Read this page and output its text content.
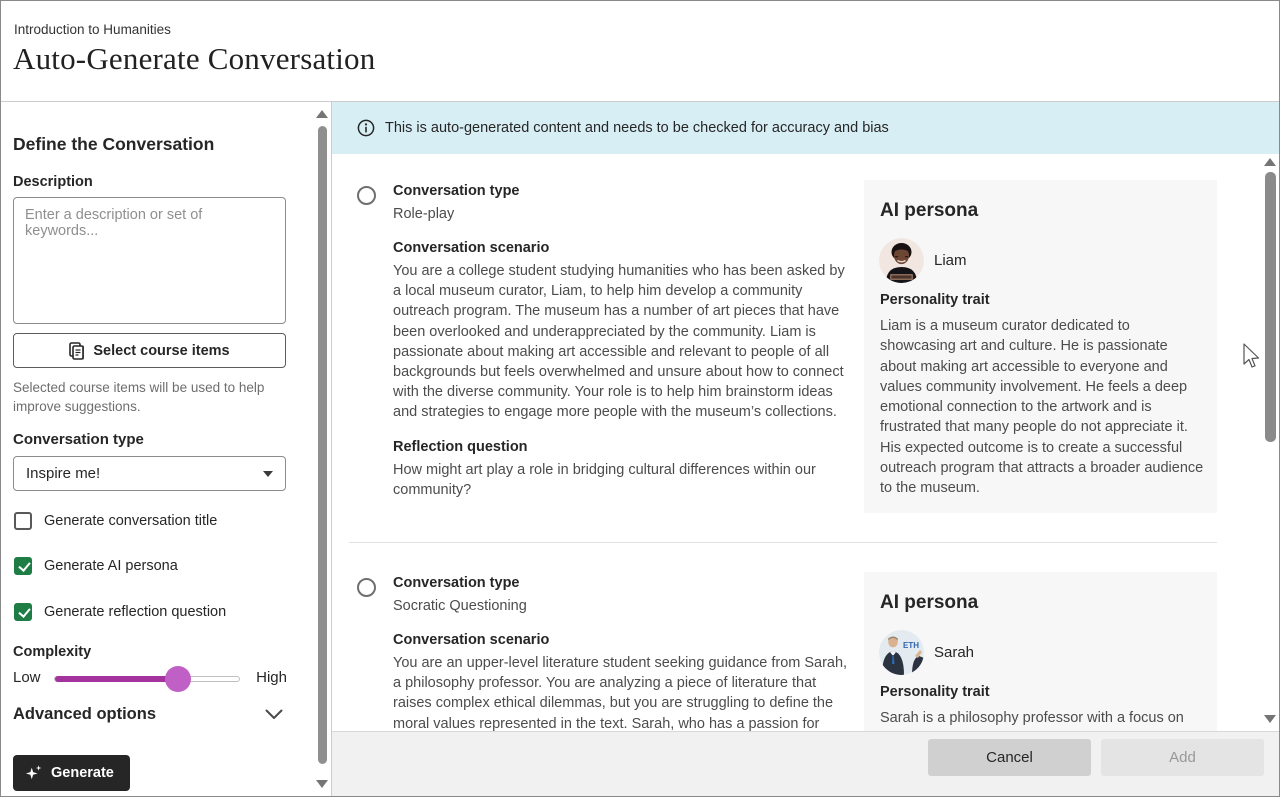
Introduction to Humanities
Auto-Generate Conversation
Define the Conversation
Description
Enter a description or set of keywords...
Select course items
Selected course items will be used to help improve suggestions.
Conversation type
Inspire me!
Generate conversation title
Generate AI persona
Generate reflection question
Complexity
Low	High
Advanced options
Generate
This is auto-generated content and needs to be checked for accuracy and bias
Conversation type
Role-play
Conversation scenario
You are a college student studying humanities who has been asked by a local museum curator, Liam, to help him develop a community outreach program. The museum has a number of art pieces that have been overlooked and underappreciated by the community. Liam is passionate about making art accessible and relevant to people of all backgrounds but feels overwhelmed and unsure about how to connect with the diverse community. Your role is to help him brainstorm ideas and strategies to engage more people with the museum’s collections.
Reflection question
How might art play a role in bridging cultural differences within our community?
AI persona
Liam
Personality trait
Liam is a museum curator dedicated to showcasing art and culture. He is passionate about making art accessible to everyone and values community involvement. He feels a deep emotional connection to the artwork and is frustrated that many people do not appreciate it. His expected outcome is to create a successful outreach program that attracts a broader audience to the museum.
Conversation type
Socratic Questioning
Conversation scenario
You are an upper-level literature student seeking guidance from Sarah, a philosophy professor. You are analyzing a piece of literature that raises complex ethical dilemmas, but you are struggling to define the moral values represented in the text. Sarah, who has a passion for
AI persona
ETH Sarah
Personality trait
Sarah is a philosophy professor with a focus on
Cancel	Add
